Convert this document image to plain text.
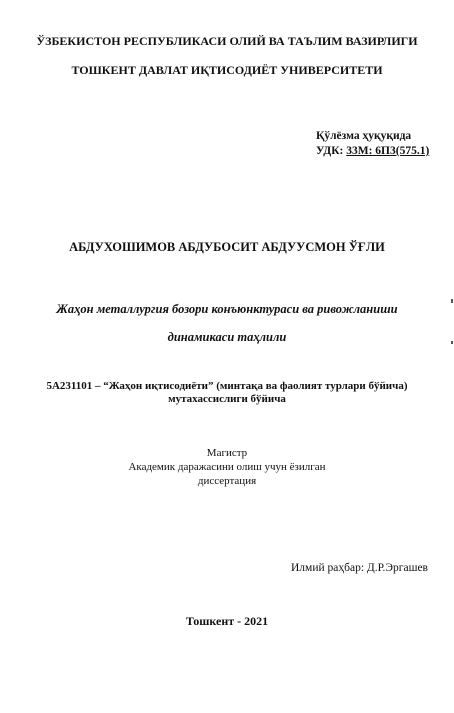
ЎЗБЕКИСТОН РЕСПУБЛИКАСИ ОЛИЙ ВА ТАЪЛИМ ВАЗИРЛИГИ
ТОШКЕНТ ДАВЛАТ ИҚТИСОДИЁТ УНИВЕРСИТЕТИ
Қўлёзма ҳуқуқида
УДК: 33М: 6П3(575.1)
АБДУХОШИМОВ АБДУБОСИТ АБДУУСМОН ЎҒЛИ
Жаҳон металлургия бозори конъюнктураси ва ривожланиши
динамикаси таҳлили
5А231101 – “Жаҳон иқтисодиёти” (минтақа ва фаолият турлари бўйича)
мутахассислиги бўйича
Магистр
Академик даражасини олиш учун ёзилган
диссертация
Илмий раҳбар: Д.Р.Эргашев
Тошкент - 2021
